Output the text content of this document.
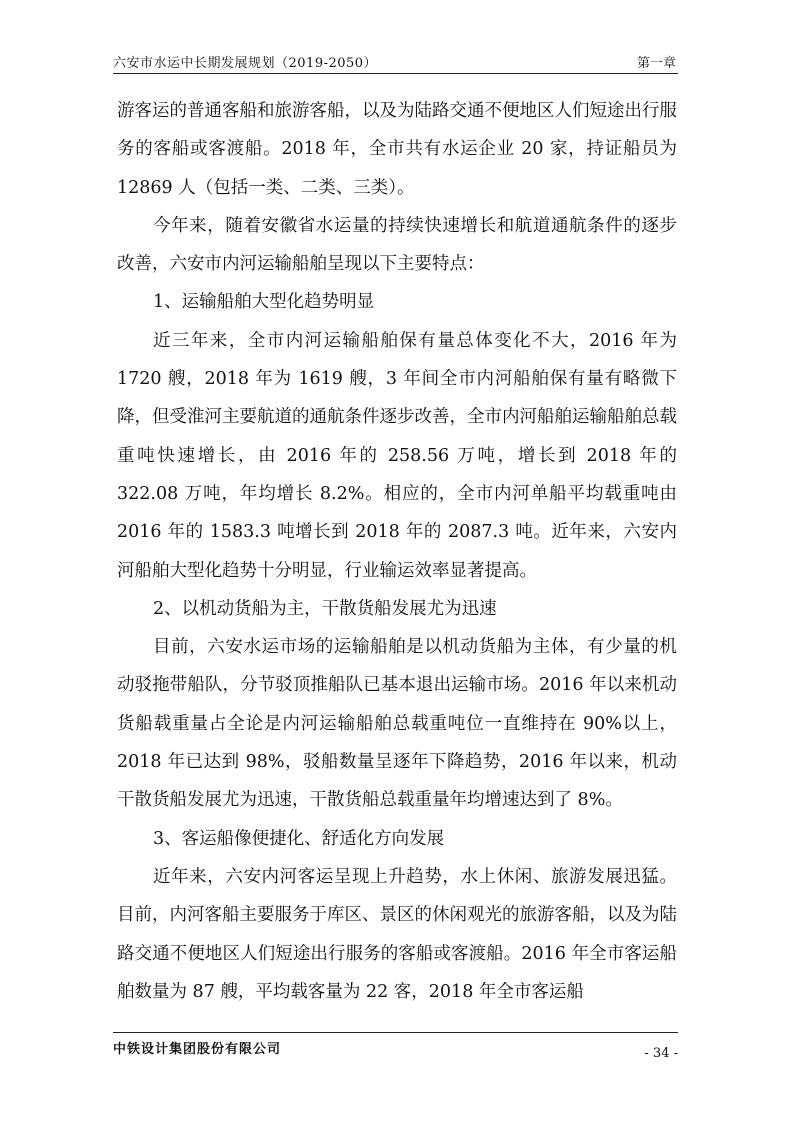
六安市水运中长期发展规划（2019-2050）	第一章

游客运的普通客船和旅游客船，以及为陆路交通不便地区人们短途出行服务的客船或客渡船。2018 年，全市共有水运企业 20 家，持证船员为 12869 人（包括一类、二类、三类）。

今年来，随着安徽省水运量的持续快速增长和航道通航条件的逐步改善，六安市内河运输船舶呈现以下主要特点：

1、运输船舶大型化趋势明显

近三年来，全市内河运输船舶保有量总体变化不大，2016 年为 1720 艘，2018 年为 1619 艘，3 年间全市内河船舶保有量有略微下降，但受淮河主要航道的通航条件逐步改善，全市内河船舶运输船舶总载重吨快速增长，由 2016 年的 258.56 万吨，增长到 2018 年的 322.08 万吨，年均增长 8.2%。相应的，全市内河单船平均载重吨由 2016 年的 1583.3 吨增长到 2018 年的 2087.3 吨。近年来，六安内河船舶大型化趋势十分明显，行业输运效率显著提高。

2、以机动货船为主，干散货船发展尤为迅速

目前，六安水运市场的运输船舶是以机动货船为主体，有少量的机动驳拖带船队，分节驳顶推船队已基本退出运输市场。2016 年以来机动货船载重量占全论是内河运输船舶总载重吨位一直维持在 90%以上，2018 年已达到 98%，驳船数量呈逐年下降趋势，2016 年以来，机动干散货船发展尤为迅速，干散货船总载重量年均增速达到了 8%。

3、客运船像便捷化、舒适化方向发展

近年来，六安内河客运呈现上升趋势，水上休闲、旅游发展迅猛。目前，内河客船主要服务于库区、景区的休闲观光的旅游客船，以及为陆路交通不便地区人们短途出行服务的客船或客渡船。2016 年全市客运船舶数量为 87 艘，平均载客量为 22 客，2018 年全市客运船

中铁设计集团股份有限公司	- 34 -
